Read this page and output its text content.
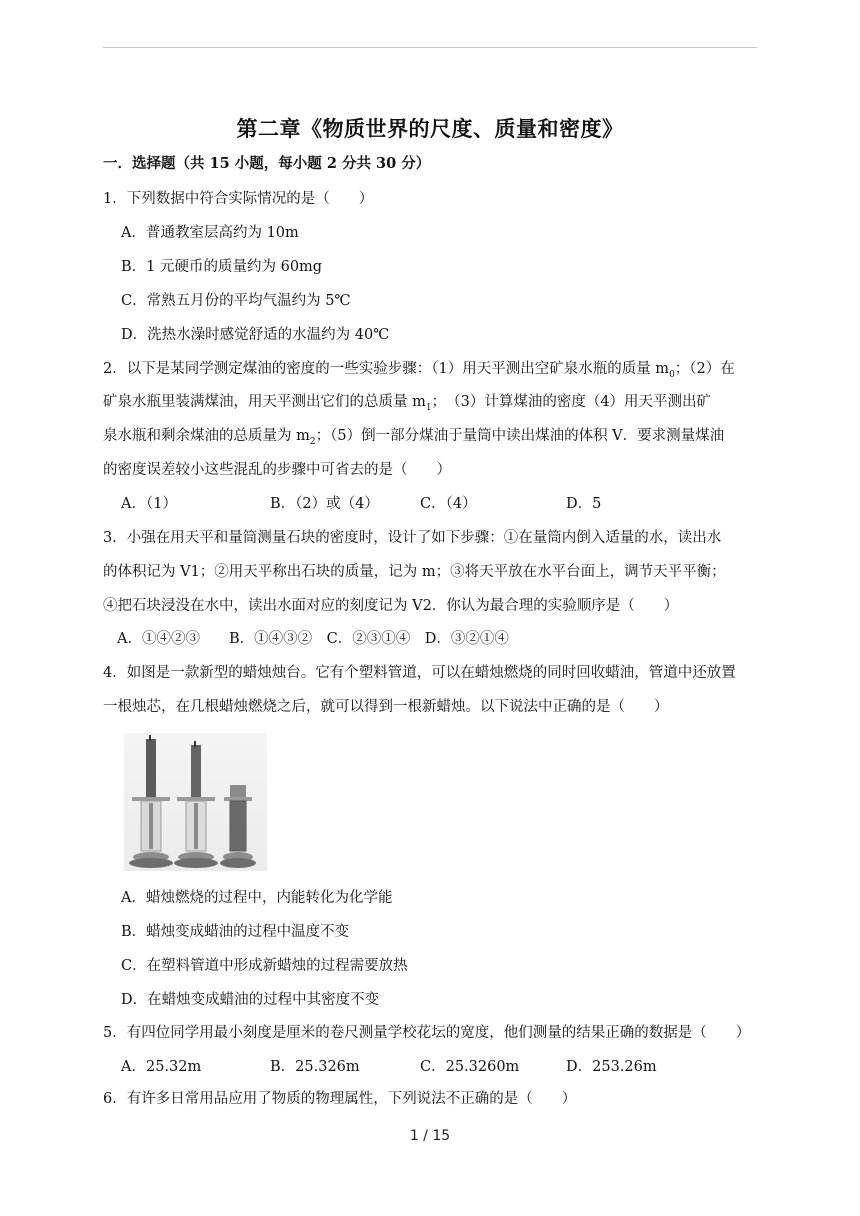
第二章《物质世界的尺度、质量和密度》
一．选择题（共 15 小题，每小题 2 分共 30 分）
1．下列数据中符合实际情况的是（　　）
A．普通教室层高约为 10m
B．1 元硬币的质量约为 60mg
C．常熟五月份的平均气温约为 5℃
D．洗热水澡时感觉舒适的水温约为 40℃
2．以下是某同学测定煤油的密度的一些实验步骤：（1）用天平测出空矿泉水瓶的质量 $m_0$；（2）在
矿泉水瓶里装满煤油，用天平测出它们的总质量 $m_1$；　（3）计算煤油的密度（4）用天平测出矿
泉水瓶和剩余煤油的总质量为 $m_2$；（5）倒一部分煤油于量筒中读出煤油的体积 V．要求测量煤油
的密度误差较小这些混乱的步骤中可省去的是（　　）
A．（1）	B．（2）或（4）	C．（4）	D．5
3．小强在用天平和量筒测量石块的密度时，设计了如下步骤：①在量筒内倒入适量的水，读出水
的体积记为 V1；②用天平称出石块的质量，记为 m；③将天平放在水平台面上，调节天平平衡；
④把石块浸没在水中，读出水面对应的刻度记为 V2．你认为最合理的实验顺序是（　　）
A．①④②③　　B．①④③②　C．②③①④　D．③②①④
4．如图是一款新型的蜡烛烛台。它有个塑料管道，可以在蜡烛燃烧的同时回收蜡油，管道中还放置
一根烛芯，在几根蜡烛燃烧之后，就可以得到一根新蜡烛。以下说法中正确的是（　　）
A．蜡烛燃烧的过程中，内能转化为化学能
B．蜡烛变成蜡油的过程中温度不变
C．在塑料管道中形成新蜡烛的过程需要放热
D．在蜡烛变成蜡油的过程中其密度不变
5．有四位同学用最小刻度是厘米的卷尺测量学校花坛的宽度，他们测量的结果正确的数据是（　　）
A．25.32m	B．25.326m	C．25.3260m	D．253.26m
6．有许多日常用品应用了物质的物理属性，下列说法不正确的是（　　）
1 / 15
